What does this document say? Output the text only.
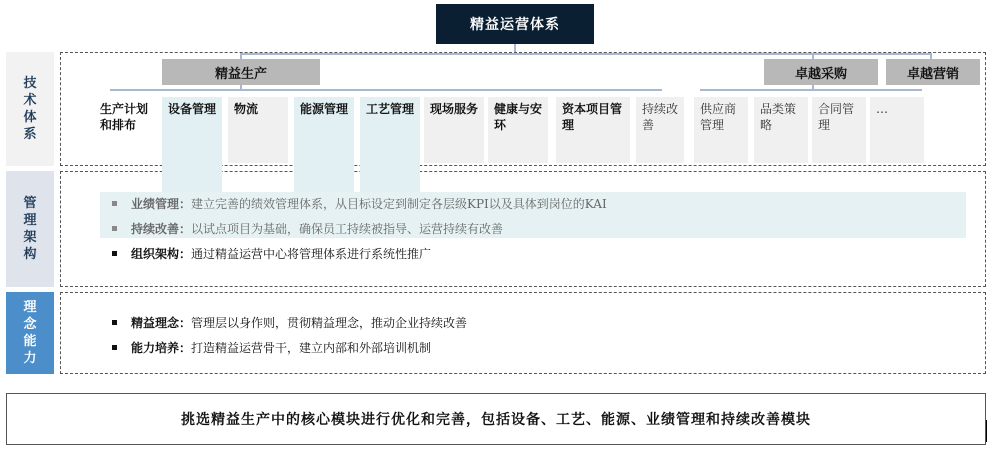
精益运营体系
技术体系
管理架构
理念能力
精益生产	卓越采购	卓越营销
生产计划和排布
设备管理	物流	能源管理	工艺管理	现场服务	健康与安环
资本项目管理
持续改善
供应商管理
品类策略
合同管理
…
业绩管理： 建立完善的绩效管理体系，从目标设定到制定各层级KPI以及具体到岗位的KAI
持续改善： 以试点项目为基础，确保员工持续被指导、运营持续有改善
组织架构： 通过精益运营中心将管理体系进行系统性推广
精益理念： 管理层以身作则，贯彻精益理念，推动企业持续改善
能力培养： 打造精益运营骨干，建立内部和外部培训机制
挑选精益生产中的核心模块进行优化和完善，包括设备、工艺、能源、业绩管理和持续改善模块
